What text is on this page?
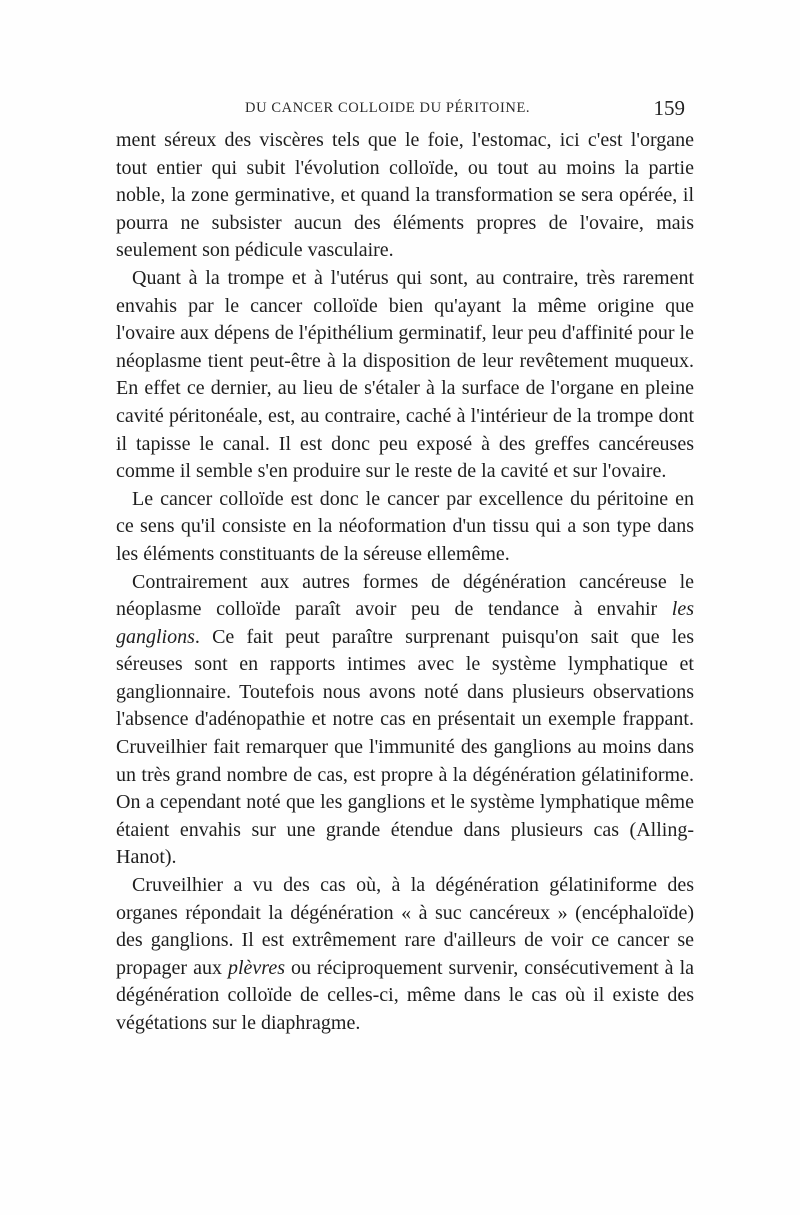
DU CANCER COLLOIDE DU PÉRITOINE.	159

ment séreux des viscères tels que le foie, l'estomac, ici c'est l'organe tout entier qui subit l'évolution colloïde, ou tout au moins la partie noble, la zone germinative, et quand la transformation se sera opérée, il pourra ne subsister aucun des éléments propres de l'ovaire, mais seulement son pédicule vasculaire.

Quant à la trompe et à l'utérus qui sont, au contraire, très rarement envahis par le cancer colloïde bien qu'ayant la même origine que l'ovaire aux dépens de l'épithélium germinatif, leur peu d'affinité pour le néoplasme tient peut-être à la disposition de leur revêtement muqueux. En effet ce dernier, au lieu de s'étaler à la surface de l'organe en pleine cavité péritonéale, est, au contraire, caché à l'intérieur de la trompe dont il tapisse le canal. Il est donc peu exposé à des greffes cancéreuses comme il semble s'en produire sur le reste de la cavité et sur l'ovaire.

Le cancer colloïde est donc le cancer par excellence du péritoine en ce sens qu'il consiste en la néoformation d'un tissu qui a son type dans les éléments constituants de la séreuse ellemême.

Contrairement aux autres formes de dégénération cancéreuse le néoplasme colloïde paraît avoir peu de tendance à envahir les ganglions. Ce fait peut paraître surprenant puisqu'on sait que les séreuses sont en rapports intimes avec le système lymphatique et ganglionnaire. Toutefois nous avons noté dans plusieurs observations l'absence d'adénopathie et notre cas en présentait un exemple frappant. Cruveilhier fait remarquer que l'immunité des ganglions au moins dans un très grand nombre de cas, est propre à la dégénération gélatiniforme. On a cependant noté que les ganglions et le système lymphatique même étaient envahis sur une grande étendue dans plusieurs cas (Alling-Hanot).

Cruveilhier a vu des cas où, à la dégénération gélatiniforme des organes répondait la dégénération « à suc cancéreux » (encéphaloïde) des ganglions. Il est extrêmement rare d'ailleurs de voir ce cancer se propager aux plèvres ou réciproquement survenir, consécutivement à la dégénération colloïde de celles-ci, même dans le cas où il existe des végétations sur le diaphragme.
